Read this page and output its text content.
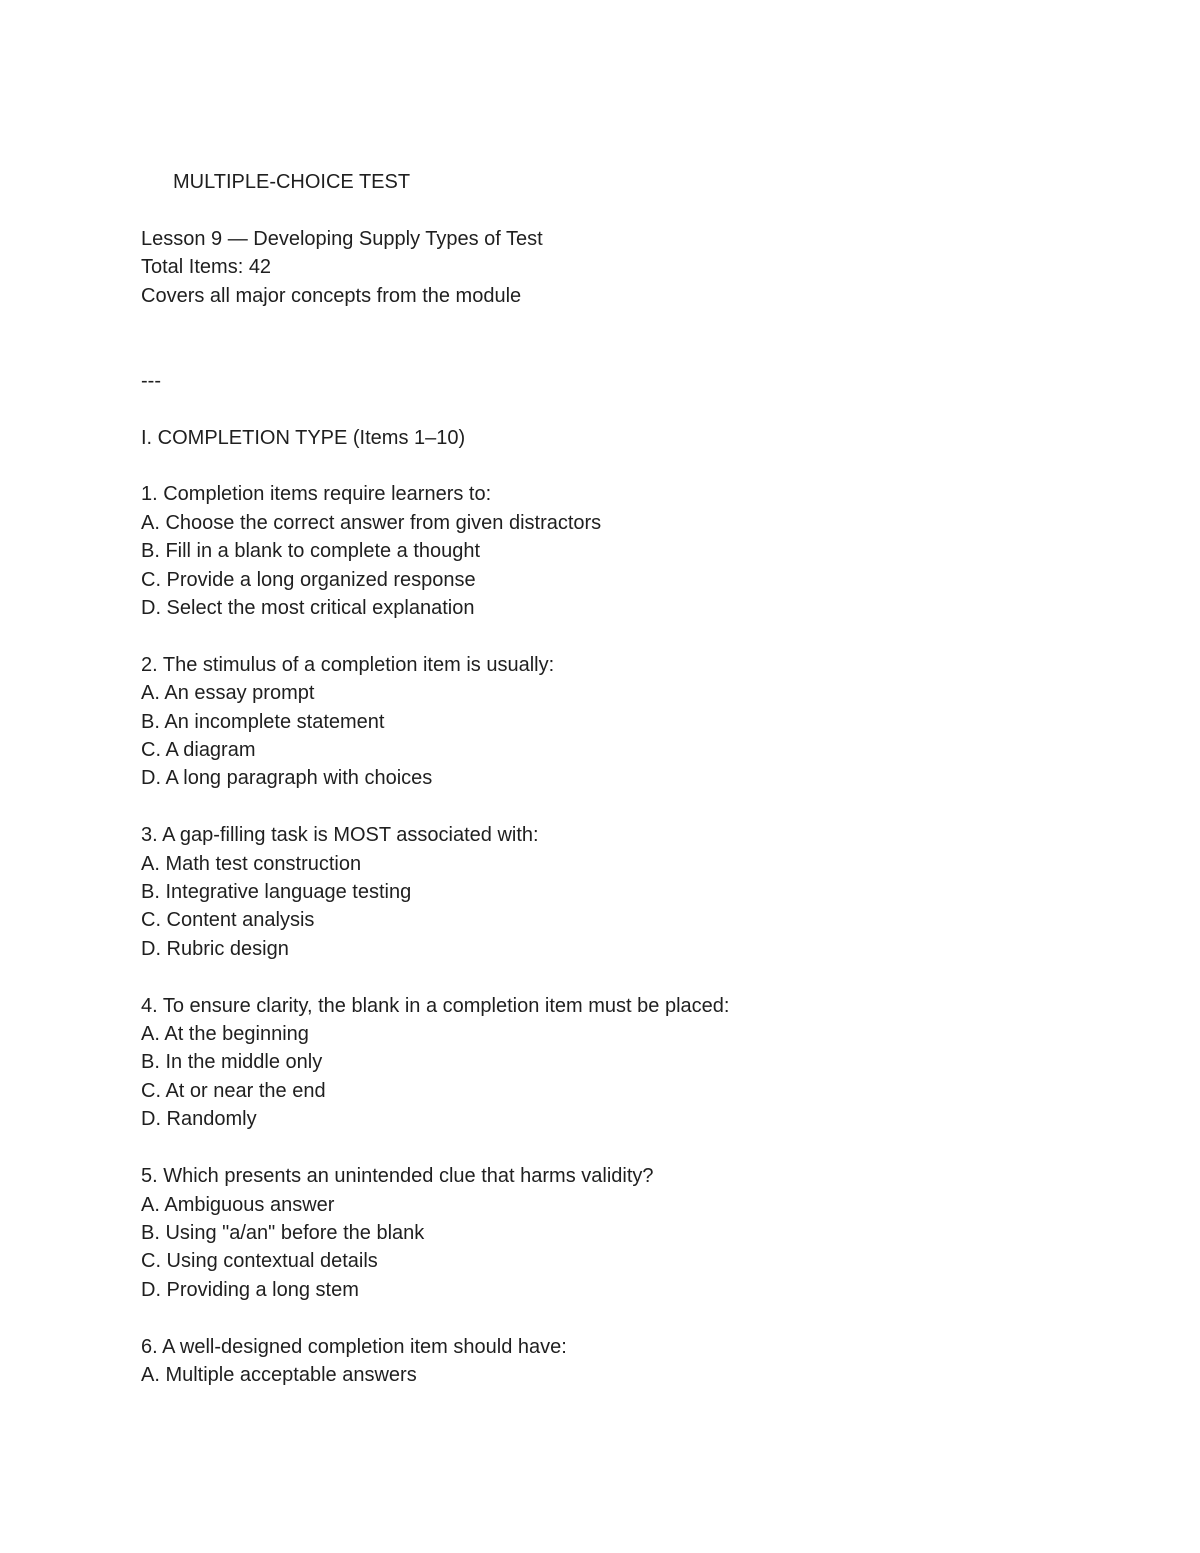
MULTIPLE-CHOICE TEST
Lesson 9 — Developing Supply Types of Test
Total Items: 42
Covers all major concepts from the module
---
I. COMPLETION TYPE (Items 1–10)
1. Completion items require learners to:
A. Choose the correct answer from given distractors
B. Fill in a blank to complete a thought
C. Provide a long organized response
D. Select the most critical explanation
2. The stimulus of a completion item is usually:
A. An essay prompt
B. An incomplete statement
C. A diagram
D. A long paragraph with choices
3. A gap-filling task is MOST associated with:
A. Math test construction
B. Integrative language testing
C. Content analysis
D. Rubric design
4. To ensure clarity, the blank in a completion item must be placed:
A. At the beginning
B. In the middle only
C. At or near the end
D. Randomly
5. Which presents an unintended clue that harms validity?
A. Ambiguous answer
B. Using "a/an" before the blank
C. Using contextual details
D. Providing a long stem
6. A well-designed completion item should have:
A. Multiple acceptable answers
